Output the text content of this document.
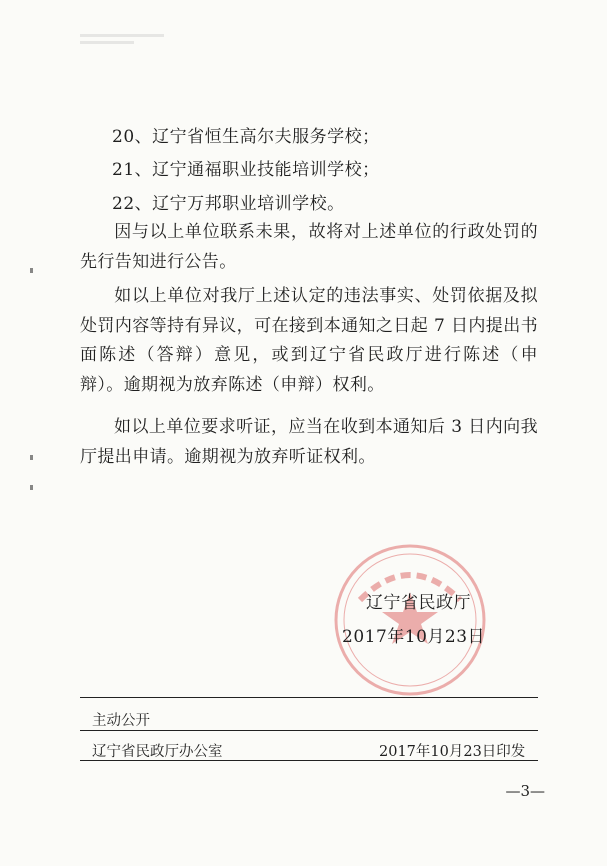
20、辽宁省恒生高尔夫服务学校；
21、辽宁通福职业技能培训学校；
22、辽宁万邦职业培训学校。
因与以上单位联系未果，故将对上述单位的行政处罚的先行告知进行公告。
如以上单位对我厅上述认定的违法事实、处罚依据及拟处罚内容等持有异议，可在接到本通知之日起 7 日内提出书面陈述（答辩）意见，或到辽宁省民政厅进行陈述（申辩）。逾期视为放弃陈述（申辩）权利。
如以上单位要求听证，应当在收到本通知后 3 日内向我厅提出申请。逾期视为放弃听证权利。
辽宁省民政厅
2017年10月23日
主动公开
辽宁省民政厅办公室	2017年10月23日印发
—3—
